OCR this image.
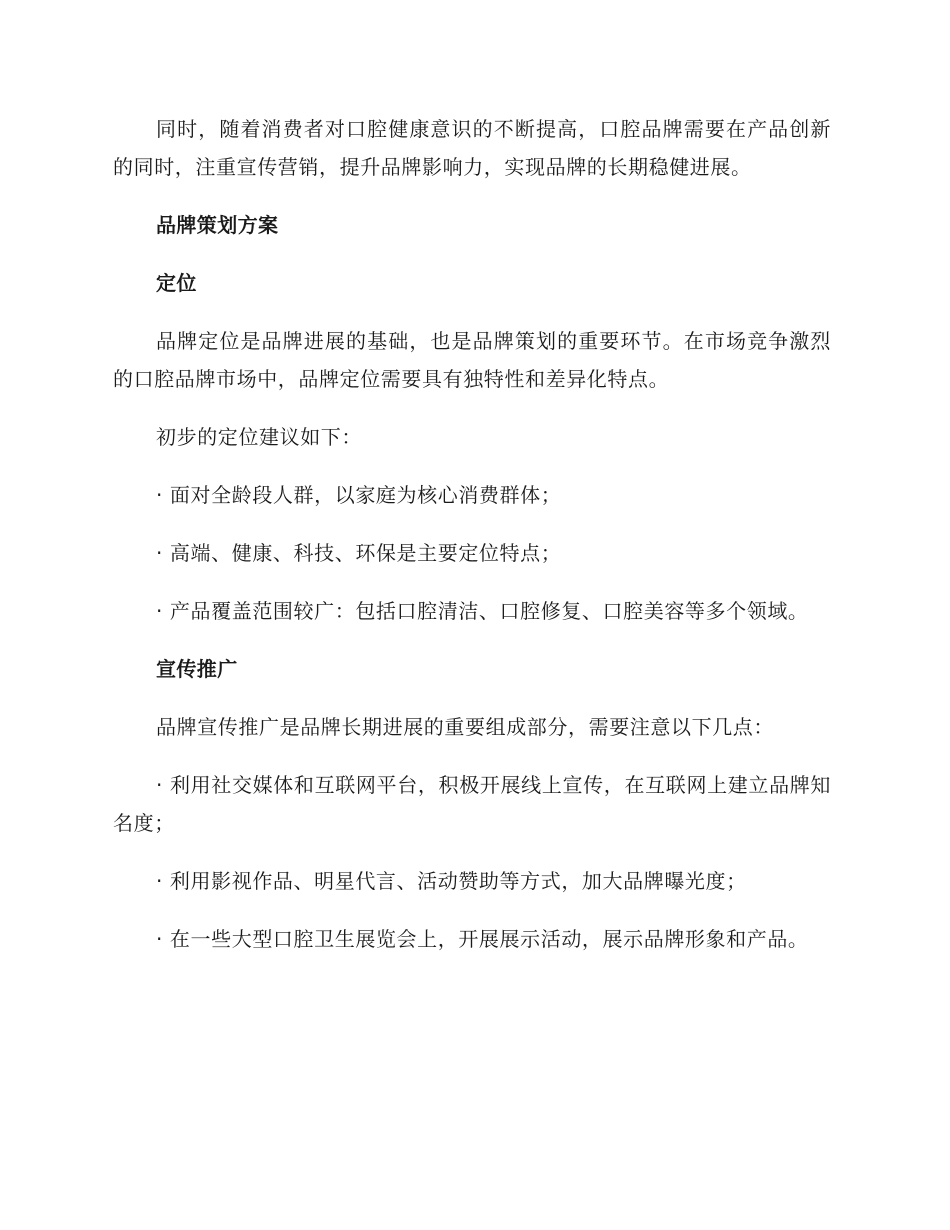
同时，随着消费者对口腔健康意识的不断提高，口腔品牌需要在产品创新的同时，注重宣传营销，提升品牌影响力，实现品牌的长期稳健进展。

品牌策划方案

定位

品牌定位是品牌进展的基础，也是品牌策划的重要环节。在市场竞争激烈的口腔品牌市场中，品牌定位需要具有独特性和差异化特点。

初步的定位建议如下：

· 面对全龄段人群，以家庭为核心消费群体；

· 高端、健康、科技、环保是主要定位特点；

· 产品覆盖范围较广：包括口腔清洁、口腔修复、口腔美容等多个领域。

宣传推广

品牌宣传推广是品牌长期进展的重要组成部分，需要注意以下几点：

· 利用社交媒体和互联网平台，积极开展线上宣传，在互联网上建立品牌知名度；

· 利用影视作品、明星代言、活动赞助等方式，加大品牌曝光度；

· 在一些大型口腔卫生展览会上，开展展示活动，展示品牌形象和产品。
